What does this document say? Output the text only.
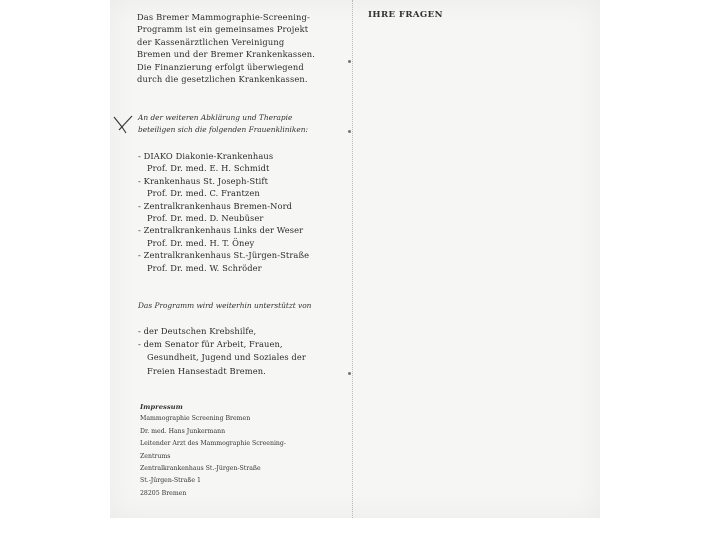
Das Bremer Mammographie-Screening-
Programm ist ein gemeinsames Projekt
der Kassenärztlichen Vereinigung
Bremen und der Bremer Krankenkassen.
Die Finanzierung erfolgt überwiegend
durch die gesetzlichen Krankenkassen.
IHRE FRAGEN
An der weiteren Abklärung und Therapie
beteiligen sich die folgenden Frauenkliniken:
- DIAKO Diakonie-Krankenhaus
Prof. Dr. med. E. H. Schmidt
- Krankenhaus St. Joseph-Stift
Prof. Dr. med. C. Frantzen
- Zentralkrankenhaus Bremen-Nord
Prof. Dr. med. D. Neubüser
- Zentralkrankenhaus Links der Weser
Prof. Dr. med. H. T. Öney
- Zentralkrankenhaus St.-Jürgen-Straße
Prof. Dr. med. W. Schröder
Das Programm wird weiterhin unterstützt von
- der Deutschen Krebshilfe,
- dem Senator für Arbeit, Frauen,
Gesundheit, Jugend und Soziales der
Freien Hansestadt Bremen.
Impressum
Mammographie Screening Bremen
Dr. med. Hans Junkermann
Leitender Arzt des Mammographie Screening-
Zentrums
Zentralkrankenhaus St.-Jürgen-Straße
St.-Jürgen-Straße 1
28205 Bremen
